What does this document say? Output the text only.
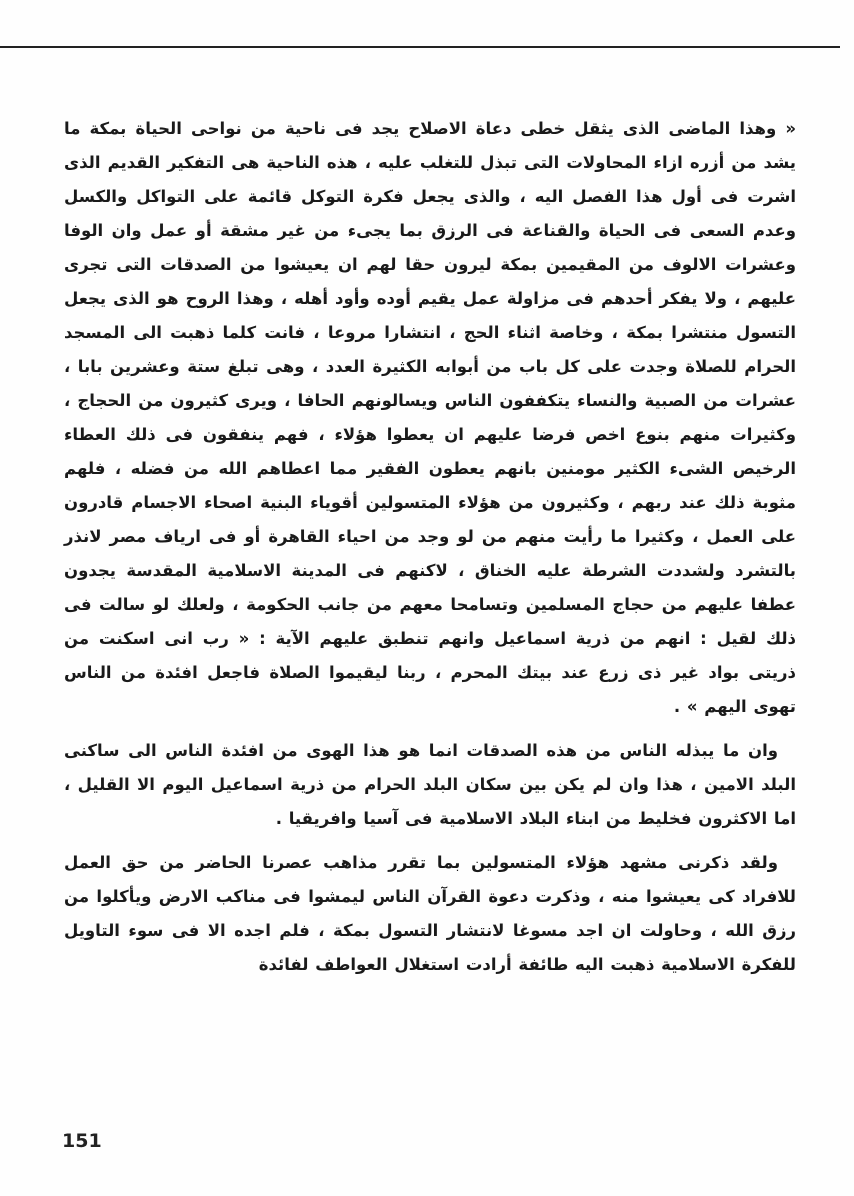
« وهذا الماضى الذى يثقل خطى دعاة الاصلاح يجد فى ناحية من نواحى الحياة بمكة ما يشد من أزره ازاء المحاولات التى تبذل للتغلب عليه ، هذه الناحية هى التفكير القديم الذى اشرت فى أول هذا الفصل اليه ، والذى يجعل فكرة التوكل قائمة على التواكل والكسل وعدم السعى فى الحياة والقناعة فى الرزق بما يجىء من غير مشقة أو عمل وان الوفا وعشرات الالوف من المقيمين بمكة ليرون حقا لهم ان يعيشوا من الصدقات التى تجرى عليهم ، ولا يفكر أحدهم فى مزاولة عمل يقيم أوده وأود أهله ، وهذا الروح هو الذى يجعل التسول منتشرا بمكة ، وخاصة اثناء الحج ، انتشارا مروعا ، فانت كلما ذهبت الى المسجد الحرام للصلاة وجدت على كل باب من أبوابه الكثيرة العدد ، وهى تبلغ ستة وعشرين بابا ، عشرات من الصبية والنساء يتكففون الناس ويسالونهم الحافا ، ويرى كثيرون من الحجاج ، وكثيرات منهم بنوع اخص فرضا عليهم ان يعطوا هؤلاء ، فهم ينفقون فى ذلك العطاء الرخيص الشىء الكثير مومنين بانهم يعطون الفقير مما اعطاهم الله من فضله ، فلهم مثوبة ذلك عند ربهم ، وكثيرون من هؤلاء المتسولين أقوياء البنية اصحاء الاجسام قادرون على العمل ، وكثيرا ما رأيت منهم من لو وجد من احياء القاهرة أو فى ارياف مصر لانذر بالتشرد ولشددت الشرطة عليه الخناق ، لاكنهم فى المدينة الاسلامية المقدسة يجدون عطفا عليهم من حجاج المسلمين وتسامحا معهم من جانب الحكومة ، ولعلك لو سالت فى ذلك لقيل : انهم من ذرية اسماعيل وانهم تنطبق عليهم الآية : « رب انى اسكنت من ذريتى بواد غير ذى زرع عند بيتك المحرم ، ربنا ليقيموا الصلاة فاجعل افئدة من الناس تهوى اليهم » .

وان ما يبذله الناس من هذه الصدقات انما هو هذا الهوى من افئدة الناس الى ساكنى البلد الامين ، هذا وان لم يكن بين سكان البلد الحرام من ذرية اسماعيل اليوم الا القليل ، اما الاكثرون فخليط من ابناء البلاد الاسلامية فى آسيا وافريقيا .

ولقد ذكرنى مشهد هؤلاء المتسولين بما تقرر مذاهب عصرنا الحاضر من حق العمل للافراد كى يعيشوا منه ، وذكرت دعوة القرآن الناس ليمشوا فى مناكب الارض ويأكلوا من رزق الله ، وحاولت ان اجد مسوغا لانتشار التسول بمكة ، فلم اجده الا فى سوء التاويل للفكرة الاسلامية ذهبت اليه طائفة أرادت استغلال العواطف لفائدة

151
